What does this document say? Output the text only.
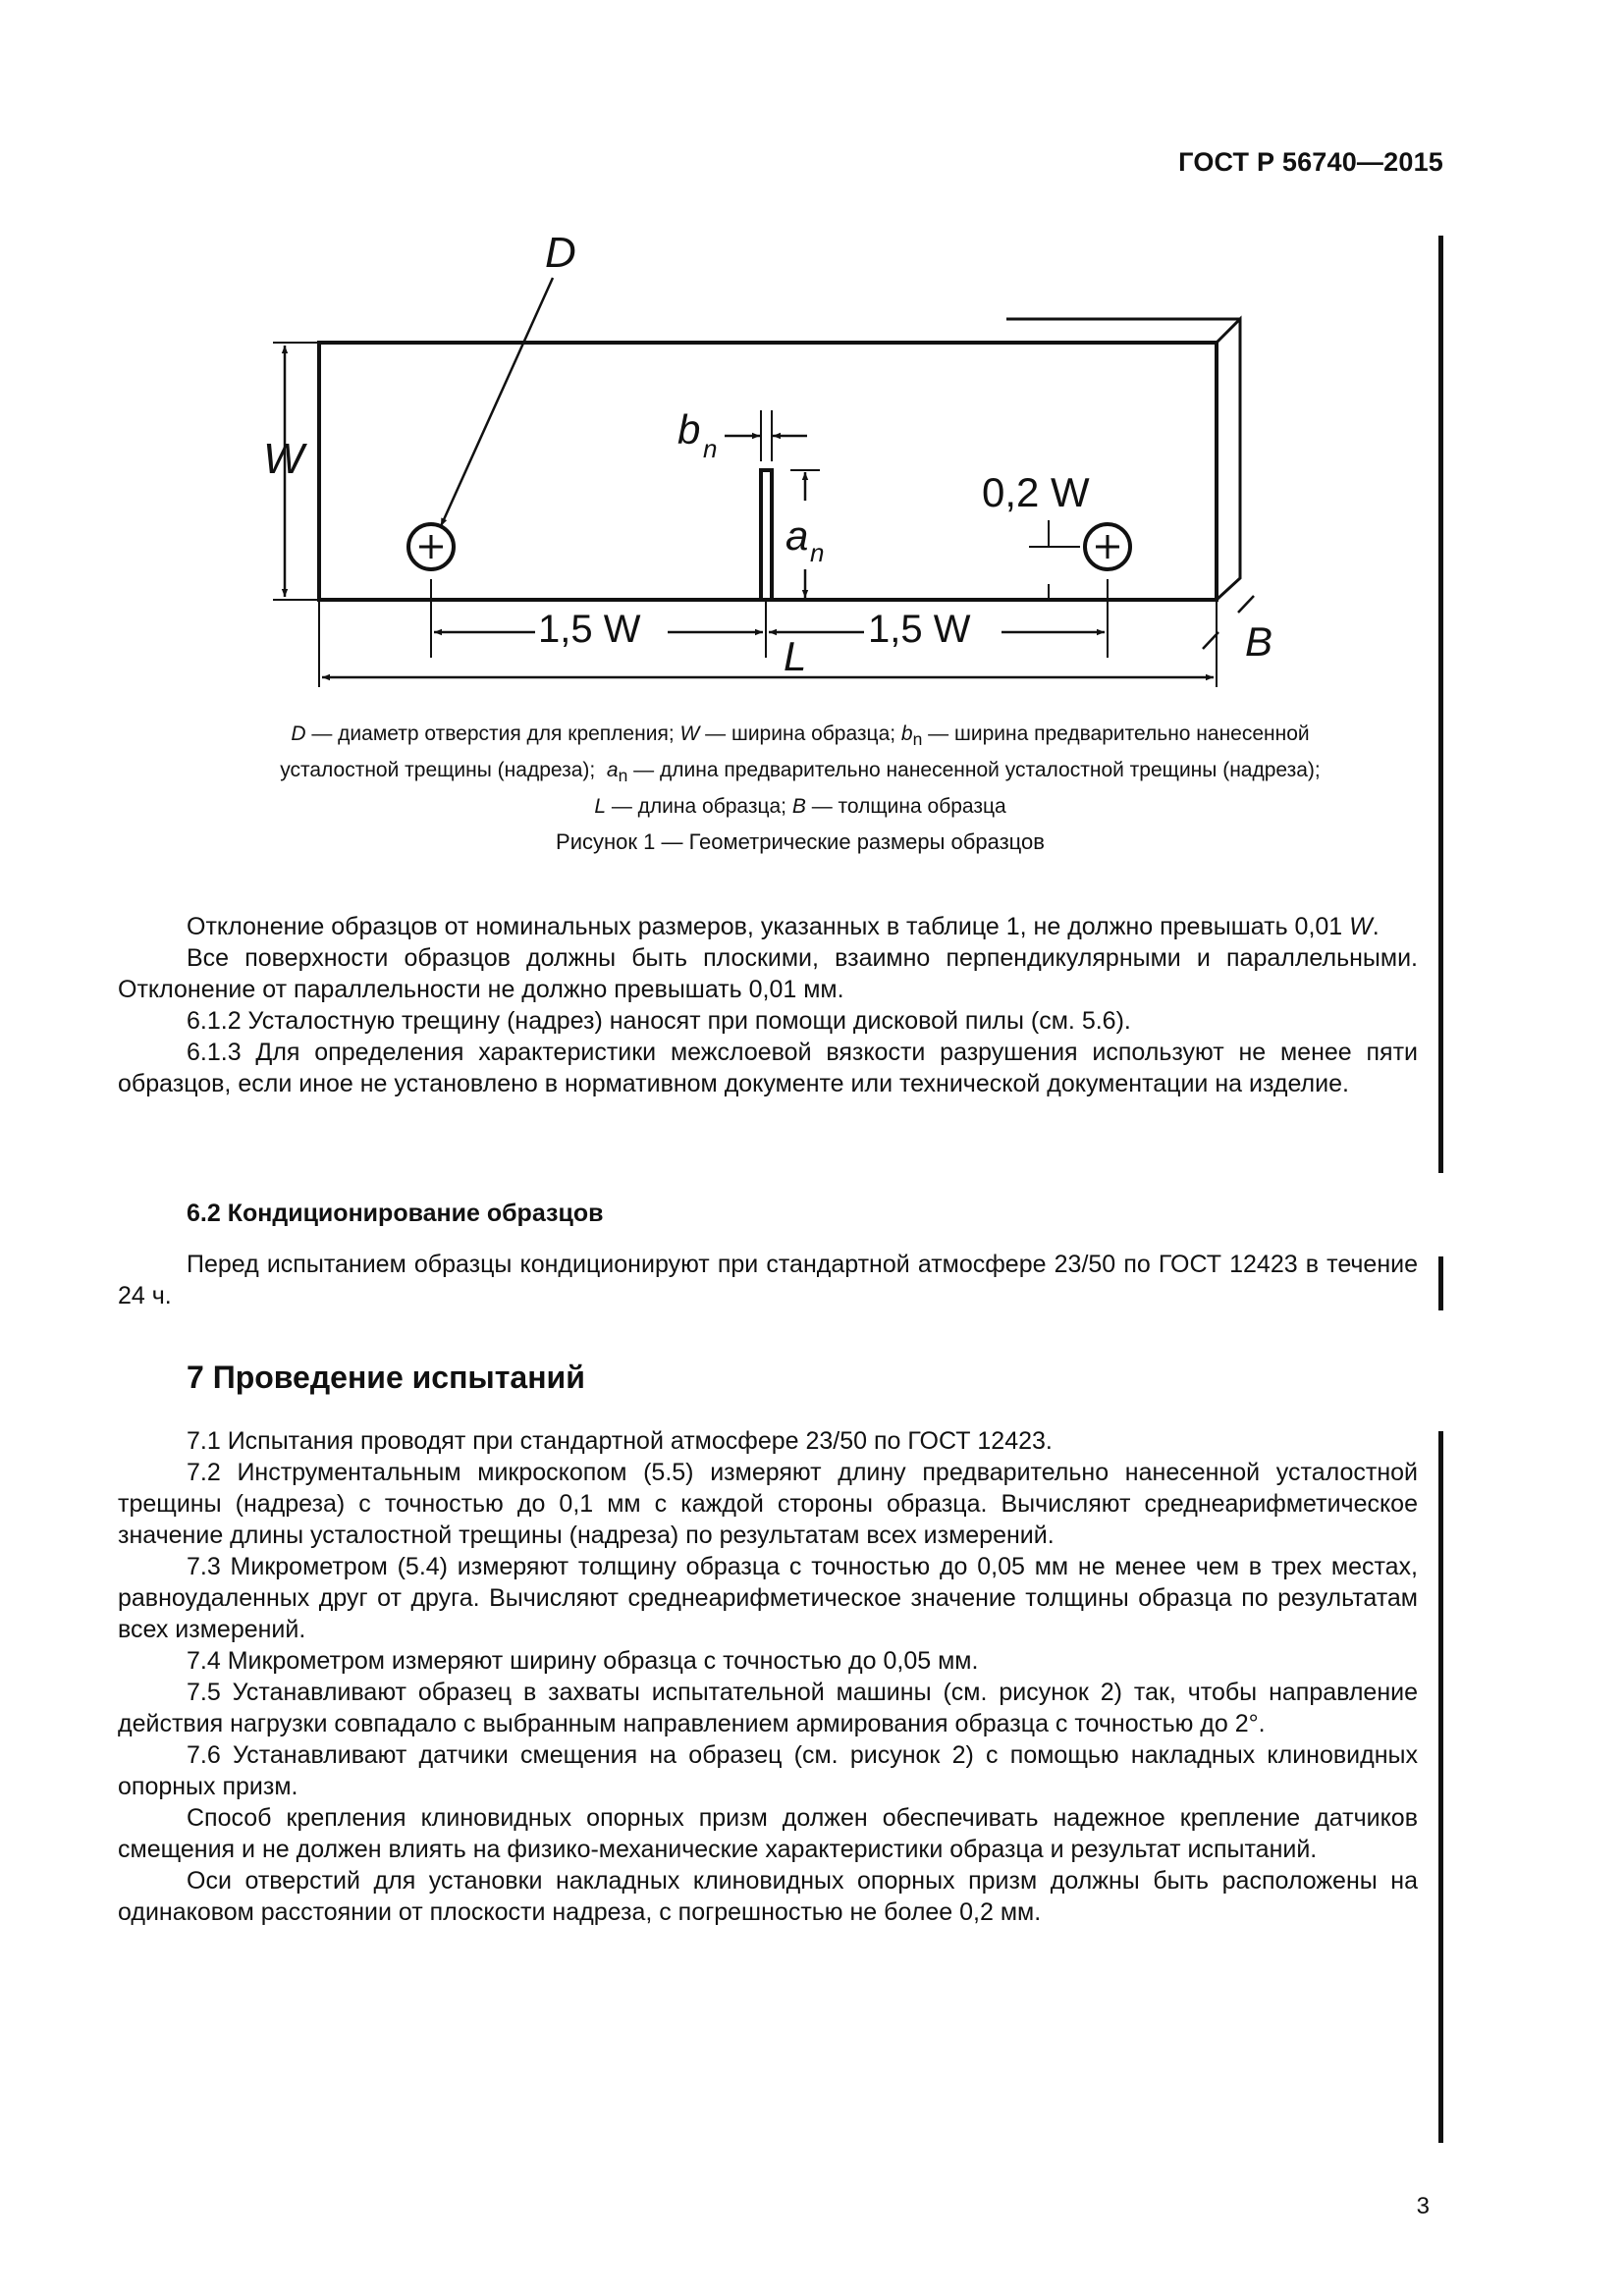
ГОСТ Р 56740—2015
D
W
b n
a n
0,2 W
1,5 W	1,5 W
L	B
D — диаметр отверстия для крепления; W — ширина образца; $b_n$ — ширина предварительно нанесенной
усталостной трещины (надреза);  $a_n$ — длина предварительно нанесенной усталостной трещины (надреза);
L — длина образца; B — толщина образца
Рисунок 1 — Геометрические размеры образцов

Отклонение образцов от номинальных размеров, указанных в таблице 1, не должно превышать 0,01 W.

Все поверхности образцов должны быть плоскими, взаимно перпендикулярными и параллельными. Отклонение от параллельности не должно превышать 0,01 мм.

6.1.2 Усталостную трещину (надрез) наносят при помощи дисковой пилы (см. 5.6).

6.1.3 Для определения характеристики межслоевой вязкости разрушения используют не менее пяти образцов, если иное не установлено в нормативном документе или технической документации на изделие.

6.2 Кондиционирование образцов

Перед испытанием образцы кондиционируют при стандартной атмосфере 23/50 по ГОСТ 12423 в течение 24 ч.

7 Проведение испытаний

7.1 Испытания проводят при стандартной атмосфере 23/50 по ГОСТ 12423.

7.2 Инструментальным микроскопом (5.5) измеряют длину предварительно нанесенной усталостной трещины (надреза) с точностью до 0,1 мм с каждой стороны образца. Вычисляют среднеарифметическое значение длины усталостной трещины (надреза) по результатам всех измерений.

7.3 Микрометром (5.4) измеряют толщину образца с точностью до 0,05 мм не менее чем в трех местах, равноудаленных друг от друга. Вычисляют среднеарифметическое значение толщины образца по результатам всех измерений.

7.4 Микрометром измеряют ширину образца с точностью до 0,05 мм.

7.5 Устанавливают образец в захваты испытательной машины (см. рисунок 2) так, чтобы направление действия нагрузки совпадало с выбранным направлением армирования образца с точностью до 2°.

7.6 Устанавливают датчики смещения на образец (см. рисунок 2) с помощью накладных клиновидных опорных призм.

Способ крепления клиновидных опорных призм должен обеспечивать надежное крепление датчиков смещения и не должен влиять на физико-механические характеристики образца и результат испытаний.

Оси отверстий для установки накладных клиновидных опорных призм должны быть расположены на одинаковом расстоянии от плоскости надреза, с погрешностью не более 0,2 мм.

3
